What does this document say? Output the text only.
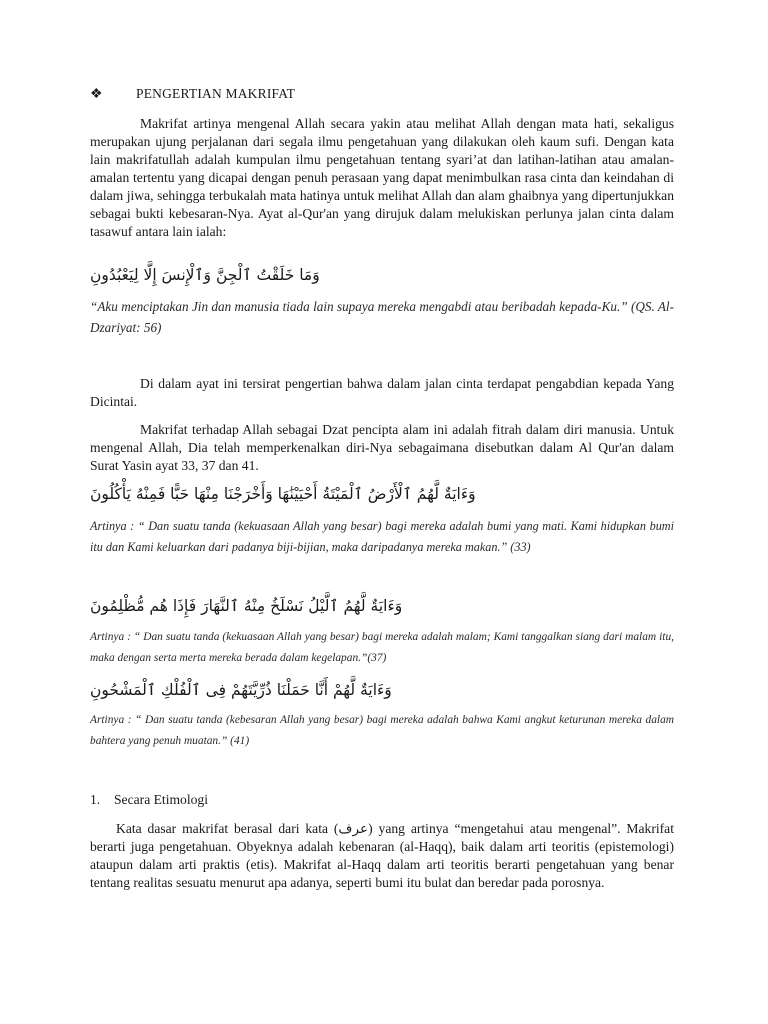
❖ PENGERTIAN MAKRIFAT

Makrifat artinya mengenal Allah secara yakin atau melihat Allah dengan mata hati, sekaligus merupakan ujung perjalanan dari segala ilmu pengetahuan yang dilakukan oleh kaum sufi. Dengan kata lain makrifatullah adalah kumpulan ilmu pengetahuan tentang syari’at dan latihan-latihan atau amalan-amalan tertentu yang dicapai dengan penuh perasaan yang dapat menimbulkan rasa cinta dan keindahan di dalam jiwa, sehingga terbukalah mata hatinya untuk melihat Allah dan alam ghaibnya yang dipertunjukkan sebagai bukti kebesaran-Nya. Ayat al-Qur'an yang dirujuk dalam melukiskan perlunya jalan cinta dalam tasawuf antara lain ialah:

وَمَا خَلَقْتُ ٱلْجِنَّ وَٱلْإِنسَ إِلَّا لِيَعْبُدُونِ

“Aku menciptakan Jin dan manusia tiada lain supaya mereka mengabdi atau beribadah kepada-Ku.” (QS. Al-Dzariyat: 56)

Di dalam ayat ini tersirat pengertian bahwa dalam jalan cinta terdapat pengabdian kepada Yang Dicintai.

Makrifat terhadap Allah sebagai Dzat pencipta alam ini adalah fitrah dalam diri manusia. Untuk mengenal Allah, Dia telah memperkenalkan diri-Nya sebagaimana disebutkan dalam Al Qur'an dalam Surat Yasin ayat 33, 37 dan 41.

وَءَايَةٌ لَّهُمُ ٱلْأَرْضُ ٱلْمَيْتَةُ أَحْيَيْنَٰهَا وَأَخْرَجْنَا مِنْهَا حَبًّا فَمِنْهُ يَأْكُلُونَ

Artinya : “ Dan suatu tanda (kekuasaan Allah yang besar) bagi mereka adalah bumi yang mati. Kami hidupkan bumi itu dan Kami keluarkan dari padanya biji-bijian, maka daripadanya mereka makan.” (33)

وَءَايَةٌ لَّهُمُ ٱلَّيْلُ نَسْلَخُ مِنْهُ ٱلنَّهَارَ فَإِذَا هُم مُّظْلِمُونَ

Artinya : “ Dan suatu tanda (kekuasaan Allah yang besar) bagi mereka adalah malam; Kami tanggalkan siang dari malam itu, maka dengan serta merta mereka berada dalam kegelapan.”(37)

وَءَايَةٌ لَّهُمْ أَنَّا حَمَلْنَا ذُرِّيَّتَهُمْ فِى ٱلْفُلْكِ ٱلْمَشْحُونِ

Artinya : “ Dan suatu tanda (kebesaran Allah yang besar) bagi mereka adalah bahwa Kami angkut keturunan mereka dalam bahtera yang penuh muatan.” (41)

1. Secara Etimologi

Kata dasar makrifat berasal dari kata (عرف) yang artinya “mengetahui atau mengenal”. Makrifat berarti juga pengetahuan. Obyeknya adalah kebenaran (al-Haqq), baik dalam arti teoritis (epistemologi) ataupun dalam arti praktis (etis). Makrifat al-Haqq dalam arti teoritis berarti pengetahuan yang benar tentang realitas sesuatu menurut apa adanya, seperti bumi itu bulat dan beredar pada porosnya.
